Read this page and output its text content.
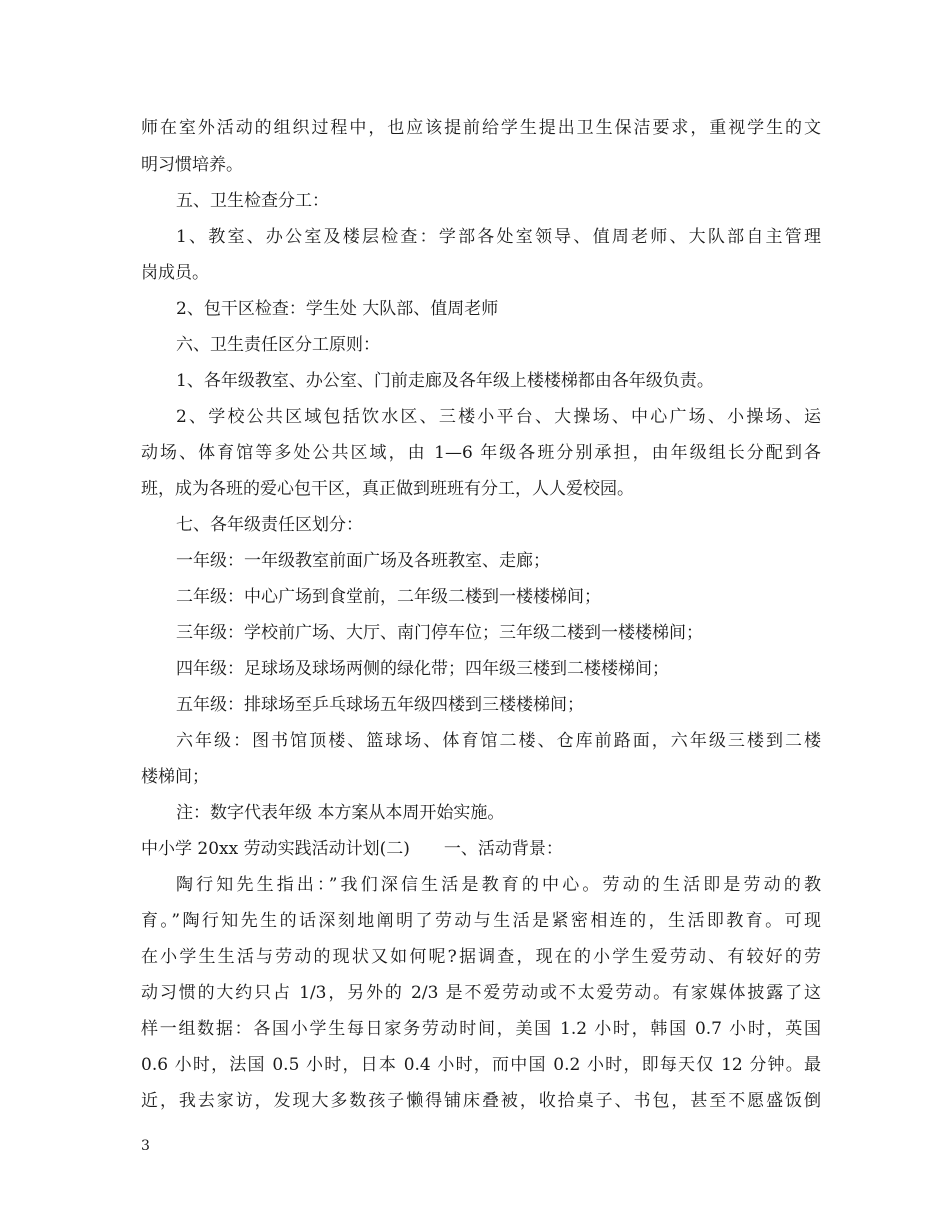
师在室外活动的组织过程中，也应该提前给学生提出卫生保洁要求，重视学生的文
明习惯培养。
五、卫生检查分工：
1、教室、办公室及楼层检查：学部各处室领导、值周老师、大队部自主管理
岗成员。
2、包干区检查：学生处 大队部、值周老师
六、卫生责任区分工原则：
1、各年级教室、办公室、门前走廊及各年级上楼楼梯都由各年级负责。
2、学校公共区域包括饮水区、三楼小平台、大操场、中心广场、小操场、运
动场、体育馆等多处公共区域，由 1—6 年级各班分别承担，由年级组长分配到各
班，成为各班的爱心包干区，真正做到班班有分工，人人爱校园。
七、各年级责任区划分：
一年级：一年级教室前面广场及各班教室、走廊；
二年级：中心广场到食堂前，二年级二楼到一楼楼梯间；
三年级：学校前广场、大厅、南门停车位；三年级二楼到一楼楼梯间；
四年级：足球场及球场两侧的绿化带；四年级三楼到二楼楼梯间；
五年级：排球场至乒乓球场五年级四楼到三楼楼梯间；
六年级：图书馆顶楼、篮球场、体育馆二楼、仓库前路面，六年级三楼到二楼
楼梯间；
注：数字代表年级 本方案从本周开始实施。
中小学 20xx 劳动实践活动计划(二)　　一、活动背景：
陶行知先生指出：”我们深信生活是教育的中心。劳动的生活即是劳动的教
育。”陶行知先生的话深刻地阐明了劳动与生活是紧密相连的，生活即教育。可现
在小学生生活与劳动的现状又如何呢?据调查，现在的小学生爱劳动、有较好的劳
动习惯的大约只占 1/3，另外的 2/3 是不爱劳动或不太爱劳动。有家媒体披露了这
样一组数据：各国小学生每日家务劳动时间，美国 1.2 小时，韩国 0.7 小时，英国
0.6 小时，法国 0.5 小时，日本 0.4 小时，而中国 0.2 小时，即每天仅 12 分钟。最
近，我去家访，发现大多数孩子懒得铺床叠被，收拾桌子、书包，甚至不愿盛饭倒
3
